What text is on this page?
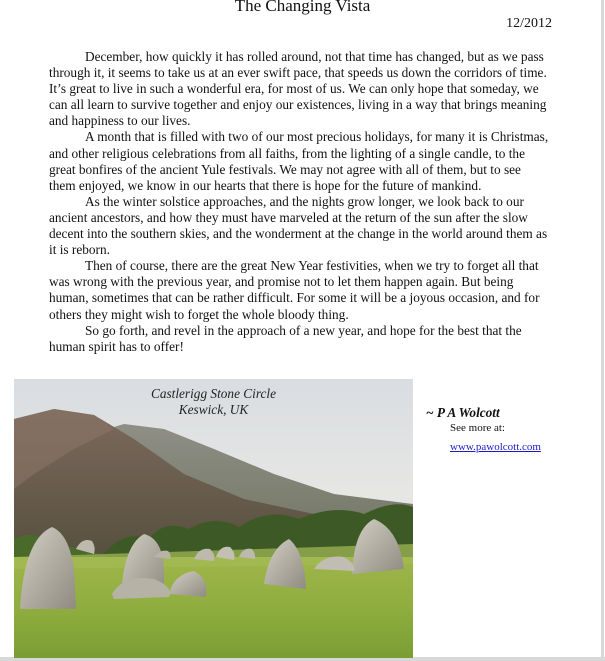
The Changing Vista
12/2012

December, how quickly it has rolled around, not that time has changed, but as we pass through it, it seems to take us at an ever swift pace, that speeds us down the corridors of time. It’s great to live in such a wonderful era, for most of us. We can only hope that someday, we can all learn to survive together and enjoy our existences, living in a way that brings meaning and happiness to our lives.

A month that is filled with two of our most precious holidays, for many it is Christmas, and other religious celebrations from all faiths, from the lighting of a single candle, to the great bonfires of the ancient Yule festivals. We may not agree with all of them, but to see them enjoyed, we know in our hearts that there is hope for the future of mankind.

As the winter solstice approaches, and the nights grow longer, we look back to our ancient ancestors, and how they must have marveled at the return of the sun after the slow decent into the southern skies, and the wonderment at the change in the world around them as it is reborn.

Then of course, there are the great New Year festivities, when we try to forget all that was wrong with the previous year, and promise not to let them happen again. But being human, sometimes that can be rather difficult. For some it will be a joyous occasion, and for others they might wish to forget the whole bloody thing.

So go forth, and revel in the approach of a new year, and hope for the best that the human spirit has to offer!

Castlerigg Stone Circle
Keswick, UK	~ P A Wolcott
See more at:
www.pawolcott.com
